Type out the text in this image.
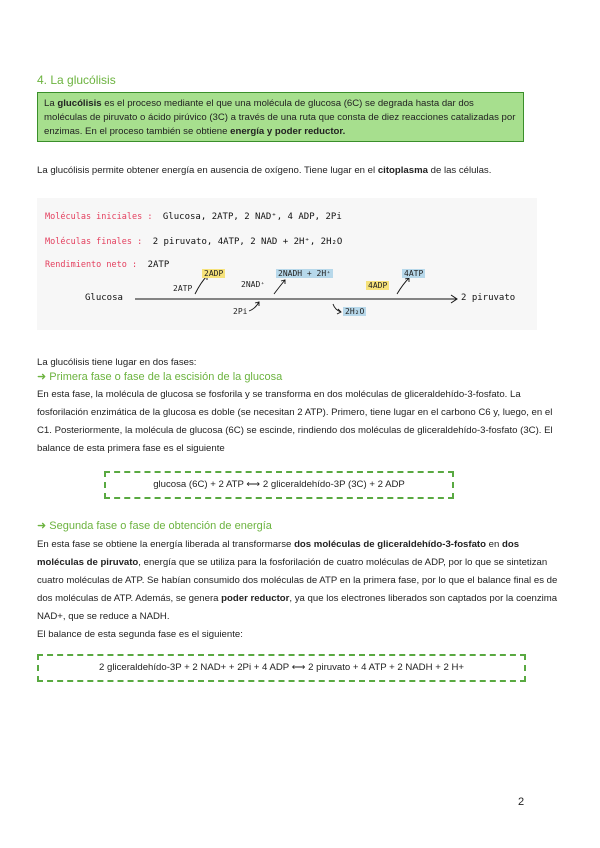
4. La glucólisis
La glucólisis es el proceso mediante el que una molécula de glucosa (6C) se degrada hasta dar dos moléculas de piruvato o ácido pirúvico (3C) a través de una ruta que consta de diez reacciones catalizadas por enzimas. En el proceso también se obtiene energía y poder reductor.
La glucólisis permite obtener energía en ausencia de oxígeno. Tiene lugar en el citoplasma de las células.
Moléculas iniciales : Glucosa, 2ATP, 2 NAD⁺, 4 ADP, 2Pi
Moléculas finales : 2 piruvato, 4ATP, 2 NAD + 2H⁺, 2H₂O
Rendimiento neto : 2ATP
Glucosa	2 piruvato
2ADP
2ATP
2NADH + 2H⁺
2NAD⁺
4ATP
4ADP
2Pi	2H₂O
La glucólisis tiene lugar en dos fases:
➜ Primera fase o fase de la escisión de la glucosa
En esta fase, la molécula de glucosa se fosforila y se transforma en dos moléculas de gliceraldehído-3-fosfato. La fosforilación enzimática de la glucosa es doble (se necesitan 2 ATP). Primero, tiene lugar en el carbono C6 y, luego, en el C1. Posteriormente, la molécula de glucosa (6C) se escinde, rindiendo dos moléculas de gliceraldehído-3-fosfato (3C). El balance de esta primera fase es el siguiente
glucosa (6C) + 2 ATP ⟷ 2 gliceraldehído-3P (3C) + 2 ADP
➜ Segunda fase o fase de obtención de energía
En esta fase se obtiene la energía liberada al transformarse dos moléculas de gliceraldehído-3-fosfato en dos moléculas de piruvato, energía que se utiliza para la fosforilación de cuatro moléculas de ADP, por lo que se sintetizan cuatro moléculas de ATP. Se habían consumido dos moléculas de ATP en la primera fase, por lo que el balance final es de dos moléculas de ATP. Además, se genera poder reductor, ya que los electrones liberados son captados por la coenzima NAD+, que se reduce a NADH.
El balance de esta segunda fase es el siguiente:
2 gliceraldehído-3P + 2 NAD+ + 2Pi + 4 ADP ⟷ 2 piruvato + 4 ATP + 2 NADH + 2 H+
2
